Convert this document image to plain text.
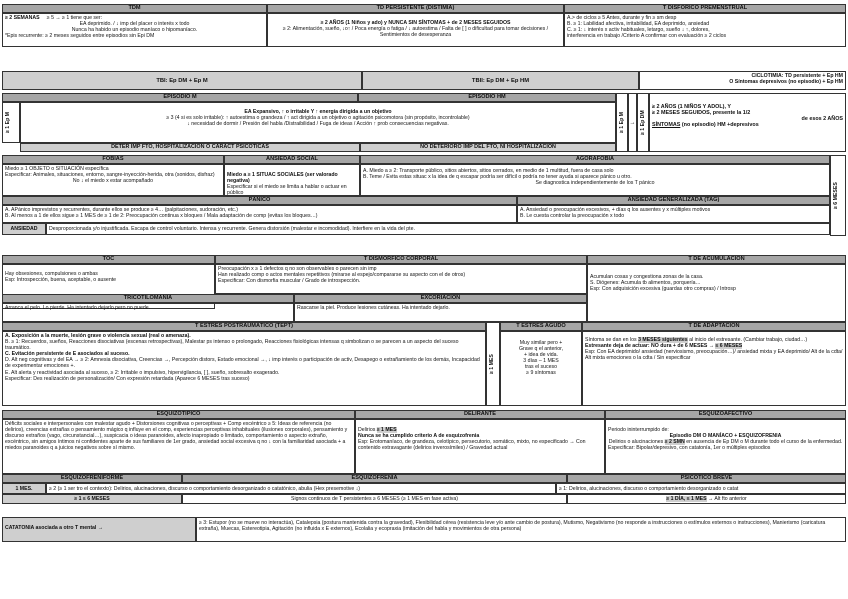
TDM
≥ 2 SEMANAS ≥ 5 → ≥ 1 tiene que ser:
EA deprimido. / ↓ imp del placer o interés x todo
Nunca ha habido un episodio maníaco o hipomaníaco.
*Epis recurrente: ≥ 2 meses seguidos entre episodios sin Epi DM
TD PERSISTENTE (DISTIMIA)
≥ 2 AÑOS (1 Niños y ado) y NUNCA SIN SÍNTOMAS + de 2 MESES SEGUIDOS
≥ 2: Alimentación, sueño, ↓o↑ / Poca energía o fatiga / ↓ autoestima / Falta de [ ] o dificultad para tomar decisiones / Sentimientos de desesperanza
T DISFÓRICO PREMENSTRUAL
A.> de ciclos ≥ 5 Antes, durante y fin ≥ sm desp
B. ≥ 1: Labilidad afectiva, irritabilidad, EA deprimido, ansiedad
C. ≥ 1: ↓ interés x activ habituales, letargo, sueño ↓ ↑, dolores,
interferencia en trabajo /Criterio A confirmar con evaluación ≥ 2 ciclos
TBI: Ep DM + Ep M	TBII: Ep DM + Ep HM
CICLOTIMIA: TD persistente + Ep HM
O Síntomas depresivos (no episodio) + Ep HM
EPISODIO M	EPISODIO HM
≥ 1 Ep M	EA Expansivo, ↑ o irritable Y ↑ energía dirigida a un objetivo
≥ 3 (4 si es solo irritable): ↑ autoestima o grandeza / ↑ act dirigida a un objetivo o agitación psicomotora (sin propósito, incontrolable)
↓ necesidad de dormir / Presión del habla /Distraibilidad / Fuga de ideas / Acción ↑ prob consecuencias negativas.
DETER IMP FTO, HOSPITALIZACIÓN O CARACT PSICÓTICAS	NO DETERIORO IMP DEL FTO, NI HOSPITALIZACIÓN
≥ 1 Ep M → ≥ 1 Ep DM
≥ 2 AÑOS (1 NIÑOS Y ADOL), Y
≥ 2 MESES SEGUIDOS, presente la 1/2
de esos 2 AÑOS
SÍNTOMAS (no episodio) HM +depresivos
FOBIAS
Miedo ≥ 1 OBJETO o SITUACIÓN específica
Especificar: Animales, situaciones, entorno, sangre-inyección-herida, otra (sonidos, disfraz)
No ↓ el miedo x estar acompañado
ANSIEDAD SOCIAL
Miedo a ≥ 1 SITUAC SOCIALES (ser valorado negativa)
Especificar si el miedo se limita a hablar o actuar en público
AGORAFOBIA
A. Miedo a ≥ 2: Transporte público, sitios abiertos, sitios cerrados, en medio de 1 multitud, fuera de casa solo
B. Teme / Evita estas situac x la idea de q escapar podría ser difícil o podría no tener ayuda si aparece pánico u otro.
Se diagnostica independientemente de los T pánico	≥ 6 MESES
PÁNICO
A. APánico imprevistos y recurrentes, durante ellos se produce ≥ 4… (palpitaciones, sudoración, etc.)
B. Al menos a 1 de ellos sigue ≥ 1 MES de ≥ 1 de 2: Preocupación continua x bloques / Mala adaptación de comp (evitas los bloques…)
ANSIEDAD GENERALIZADA (TAG)
A. Ansiedad o preocupación excesivos, + días q los ausentes y x múltiples motivos
B. Le cuesta controlar la preocupación x todo
ANSIEDAD	Desproporcionada y/o injustificada. Escapa de control voluntario. Intensa y recurrente. Genera distorsión (malestar e incomodidad). Interfiere en la vida del pte.
TOC
Hay obsesiones, compulsiones o ambas
Esp: Introspección, buena, aceptable, o ausente
T DISMÓRFICO CORPORAL
Preocupación x ≥ 1 defectos q no son observables o parecen sin imp
Han realizado comp o actos mentales repetitivos (mirarse al espejo/compararse su aspecto con el de otros)
Especificar: Con dismorfia muscular / Grado de introspección.
T DE ACUMULACIÓN
Acumulan cosas y congestiona zonas de la casa.
S. Diógenes: Acumula tb alimentos, porquería…
Esp: Con adquisición excesiva (guardas otro compras) / Introsp
TRICOTILOMANÍA
Arranca el pelo. Lo pierde. Ha intentado dejarlo pero no puede.
EXCORIACIÓN
Rascarse la piel. Produce lesiones cutáneas. Ha intentado dejarlo.
T ESTRÉS POSTRAUMÁTICO (TEPT)
A. Exposición a la muerte, lesión grave o violencia sexual (real o amenaza).
B. ≥ 1: Recuerdos, sueños, Reacciones disociativas (escenas retrospectivas), Malestar ps intenso o prolongado, Reacciones fisiológicas intensas q simbolizan o se parecen a un aspecto del suceso traumático.
C. Evitación persistente de E asociados al suceso.
D. Alt neg cognitivas y del EA → ≥ 2: Amnesia disociativa, Creencias →, Percepción distors, Estado emocional →, ↓ imp interés o participación de activ, Desapego o extrañamiento de los demás, Incapacidad de experimentar emociones +.
E. Alt alerta y reactividad asociada al suceso, ≥ 2: Irritable o impulsivo, hipervigilancia, [ ], sueño, sobresalto exagerado.
Especificar: Des realización de personalización/ Con expresión retardada (Aparece 6 MESES tras suceso)
≥ 1 MES
T ESTRÉS AGUDO
Muy similar pero +
Grave q el anterior,
+ idea de vida.
3 días – 1 MES
tras el suceso
≥ 9 síntomas
T DE ADAPTACIÓN
Síntoma se dan en los 3 MESES siguientes al inicio del estresante. (Cambiar trabajo, ciudad…)
Estresante deja de actuar: NO dura + de 6 MESES → ≤ 6 MESES
Esp: Con EA deprimido/ ansiedad (nerviosismo, preocupación…)/ ansiedad mixta y EA deprimido/ Alt de la cdta/ Alt mixta emociones o la cdta / Sin especificar
ESQUIZOTÍPICO
Déficits sociales e interpersonales con malestar agudo + Distorsiones cognitivas o perceptivas + Comp excéntrico ≥ 5: Ideas de referencia (no delirios), creencias extrañas o pensamiento mágico q influye en el comp, experiencias perceptivas inhabituales (ilusiones corporales), pensamiento y discurso extraños (vago, circunstancial…), suspicacia o ideas paranoides, afecto inapropiado o limitado, comportamiento o aspecto extraño, excéntrico, sin amigos íntimos ni confidentes aparte de sus familiares de 1er grado, ansiedad social excesiva q no ↓ con la familiaridad asociada + a miedos paranoides q a juicios negativos sobre sí mismo.
DELIRANTE
Delirios ≥ 1 MES
Nunca se ha cumplido criterio A de esquizofrenia
Esp: Erotomaníaco, de grandeza, celotípico, persecutorio, somático, mixto, no especificado → Con contenido extravagante (delirios inverosímiles) / Gravedad actual
ESQUIZOAFECTIVO
Periodo ininterrumpido de:
Episodio DM O MANÍACO + ESQUIZOFRENIA
Delirios o alucinaciones ≥ 2 SMN en ausencia de Ep DM o M durante todo el curso de la enfermedad.
Especificar: Bipolar/depresivo, con catatonía, 1er o múltiples episodios
ESQUIZOFRENIFORME	ESQUIZOFRENIA	PSICÓTICO BREVE
1 MES.	≥ 2 (≥ 1 ser tro el contexto): Delirios, alucinaciones, discurso o comportamiento desorganizado o catatónico, abulia (Hex presemotive ↓)	≥ 1: Delirios, alucinaciones, discurso o comportamiento desorganizado o catat
≥ 1 ≤ 6 MESES	Signos continuos de T persistentes ≥ 6 MESES (≥ 1 MES en fase activa)	≥ 1 DÍA, ≤ 1 MES → Alt fto anterior
CATATONIA asociada a otro T mental →
≥ 3: Estupor (no se mueve no interactúa), Catalepsia (postura mantenida contra la gravedad), Flexibilidad cérea (resistencia leve y/o ante cambio de postura), Mutismo, Negativismo (no responde a instrucciones o estímulos externos o instrucciones), Manierismo (caricatura extraña), Muecas, Estereotipia, Agitación (no influida x E externos), Ecolalia y ecopraxia (imitación del habla y movimientos de otra persona)
